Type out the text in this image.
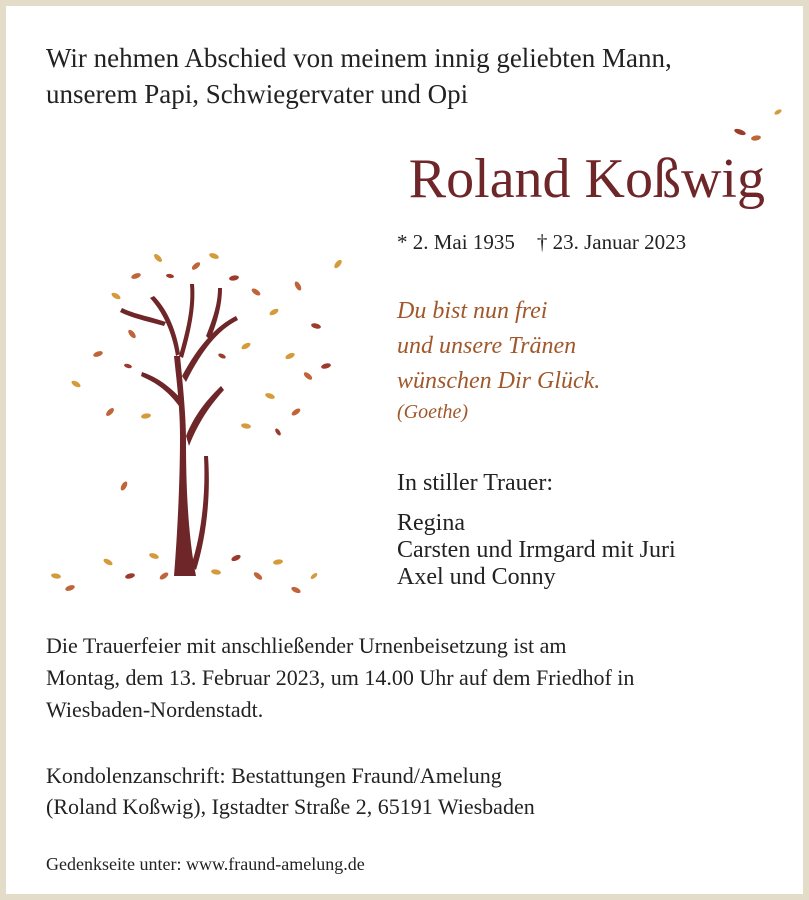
Wir nehmen Abschied von meinem innig geliebten Mann,
unserem Papi, Schwiegervater und Opi
Roland Koßwig
* 2. Mai 1935 † 23. Januar 2023
Du bist nun frei
und unsere Tränen
wünschen Dir Glück.
(Goethe)
In stiller Trauer:
Regina
Carsten und Irmgard mit Juri
Axel und Conny
Die Trauerfeier mit anschließender Urnenbeisetzung ist am
Montag, dem 13. Februar 2023, um 14.00 Uhr auf dem Friedhof in
Wiesbaden-Nordenstadt.
Kondolenzanschrift: Bestattungen Fraund/Amelung
(Roland Koßwig), Igstadter Straße 2, 65191 Wiesbaden
Gedenkseite unter: www.fraund-amelung.de
